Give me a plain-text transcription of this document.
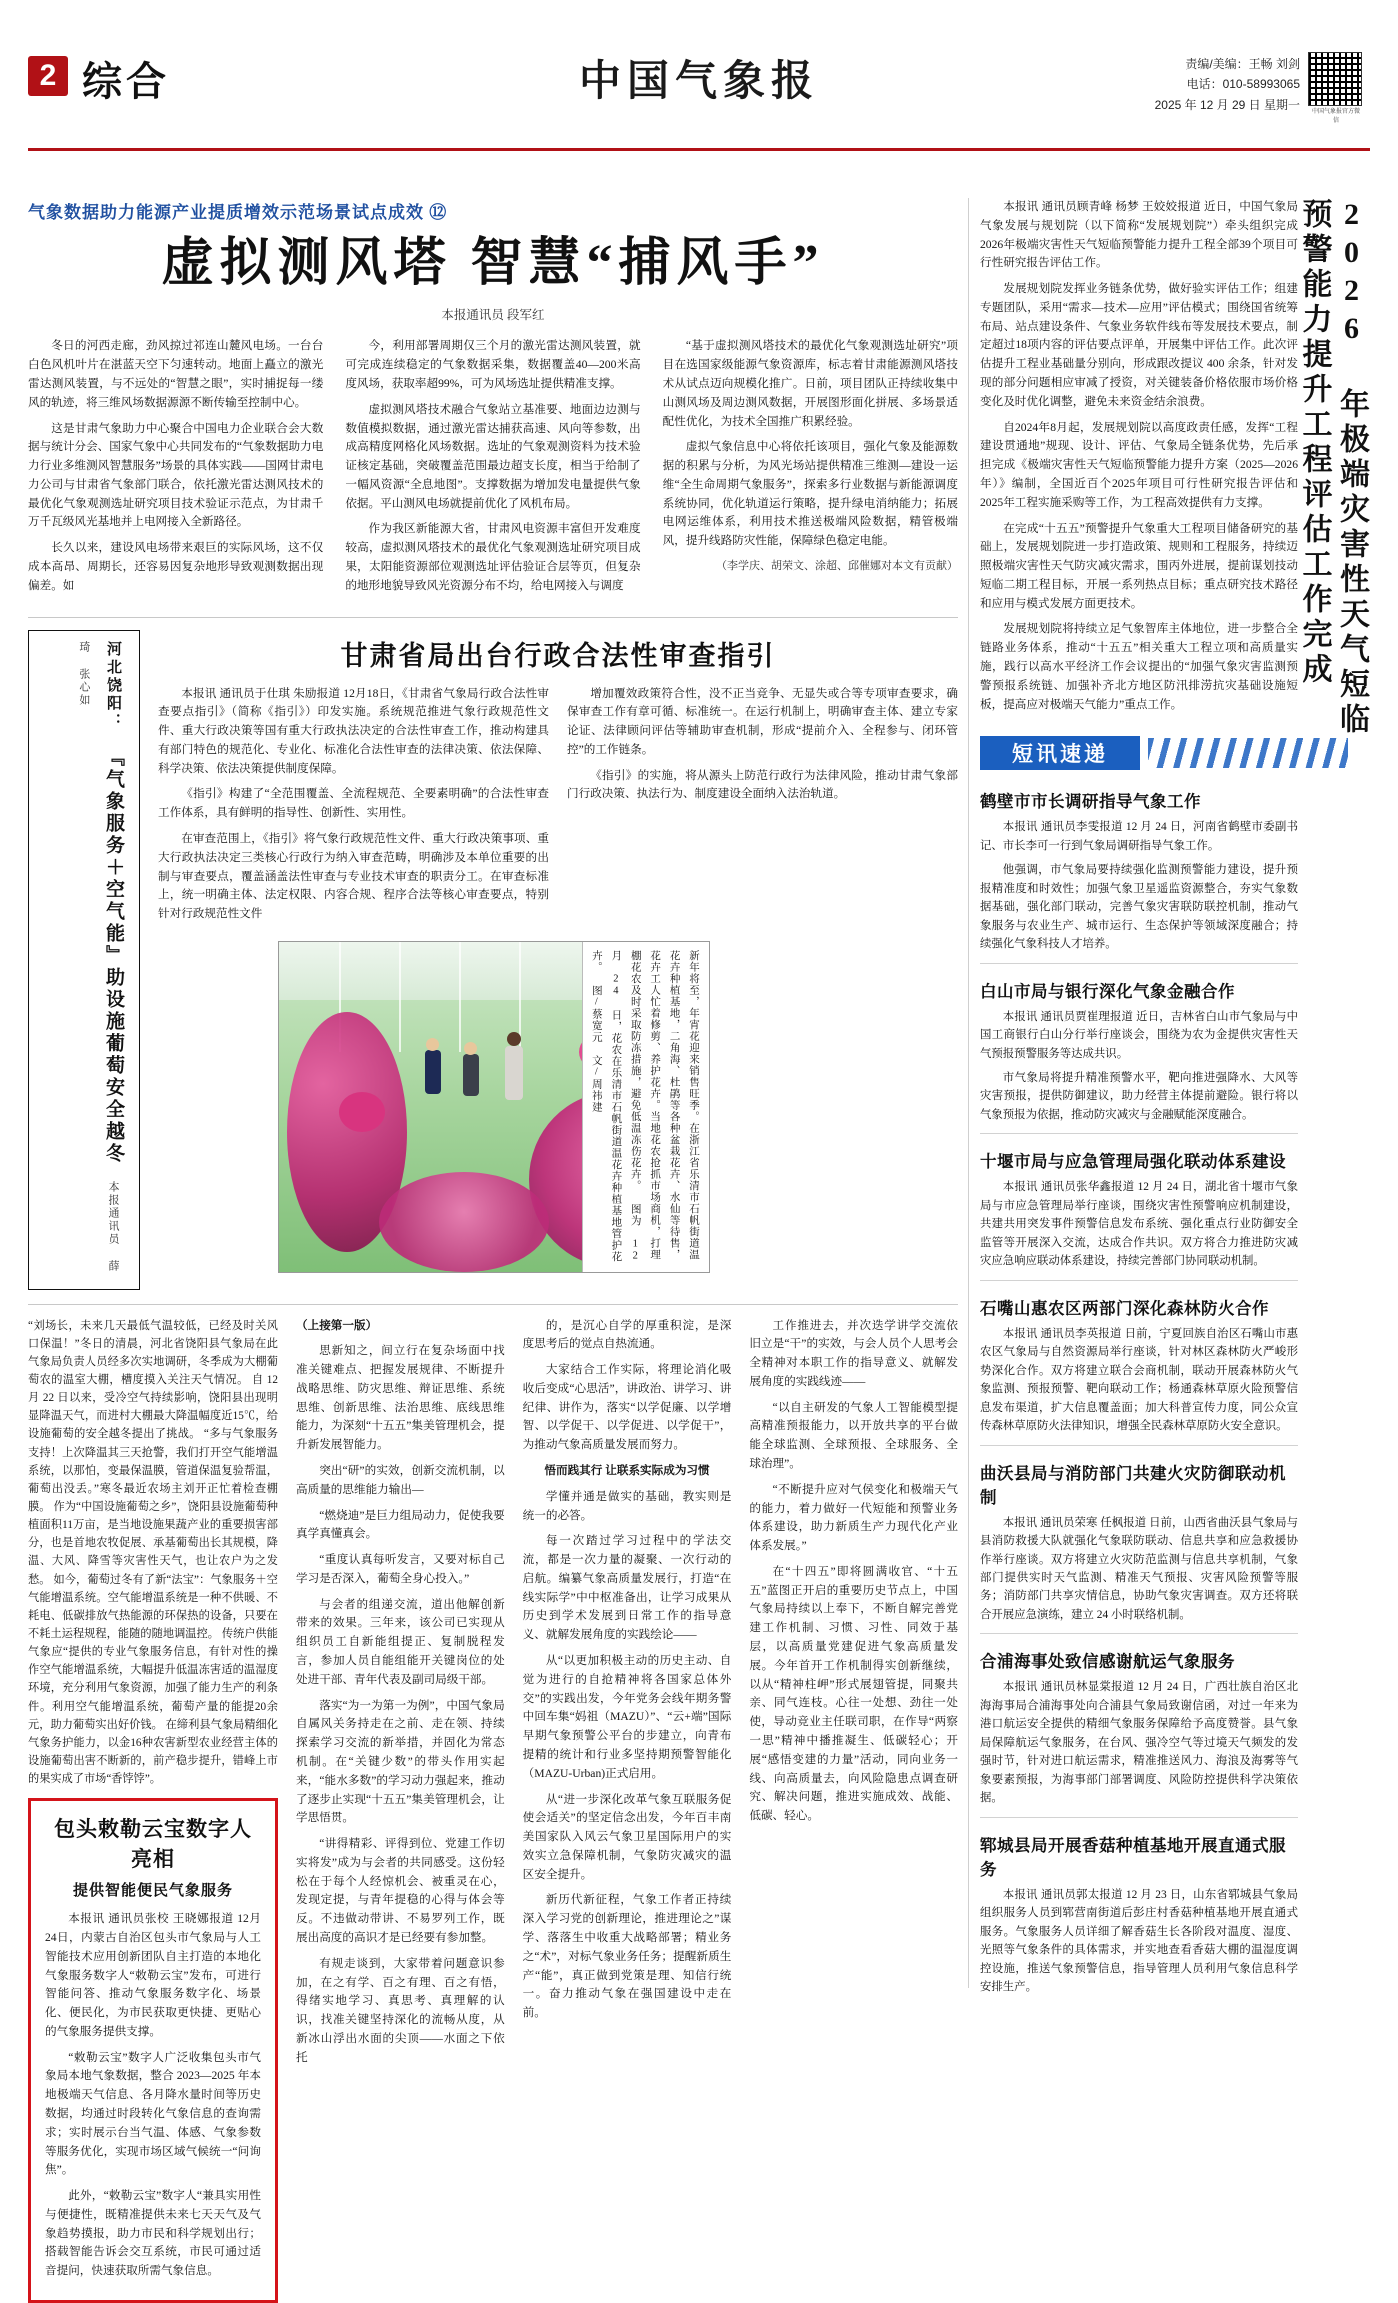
2 综合	中国气象报	责编/美编：王畅 刘剑
电话：010-58993065
2025 年 12 月 29 日 星期一
中国气象报官方微信
气象数据助力能源产业提质增效示范场景试点成效 ⑫
虚拟测风塔 智慧“捕风手”
本报通讯员 段军红

冬日的河西走廊，劲风掠过祁连山麓风电场。一台台白色风机叶片在湛蓝天空下匀速转动。地面上矗立的激光雷达测风装置，与不远处的“智慧之眼”，实时捕捉每一缕风的轨迹，将三维风场数据源源不断传输至控制中心。

这是甘肃气象助力中心聚合中国电力企业联合会大数据与统计分会、国家气象中心共同发布的“气象数据助力电力行业多维测风智慧服务”场景的具体实践——国网甘肃电力公司与甘肃省气象部门联合，依托激光雷达测风技术的最优化气象观测选址研究项目技术验证示范点，为甘肃千万千瓦级风光基地并上电网接入全新路径。

长久以来，建设风电场带来艰巨的实际风场，这不仅成本高昂、周期长，还容易因复杂地形导致观测数据出现偏差。如

今，利用部署周期仅三个月的激光雷达测风装置，就可完成连续稳定的气象数据采集，数据覆盖40—200米高度风场，获取率超99%，可为风场选址提供精准支撑。

虚拟测风塔技术融合气象站立基准要、地面边边测与数值模拟数据，通过激光雷达捕获高速、风向等参数，出成高精度网格化风场数据。选址的气象观测资料为技术验证核定基础，突破覆盖范围最边超支长度，相当于给制了一幅风资源“全息地图”。支撑数据为增加发电量提供气象依据。平山测风电场就提前优化了风机布局。

作为我区新能源大省，甘肃风电资源丰富但开发难度较高，虚拟测风塔技术的最优化气象观测选址研究项目成果，太阳能资源部位观测选址评估验证合层等页，但复杂的地形地貌导致风光资源分布不均，给电网接入与调度

“基于虚拟测风塔技术的最优化气象观测选址研究”项目在选国家级能源气象资源库，标志着甘肃能源测风塔技术从试点迈向规模化推广。日前，项目团队正持续收集中山测风场及周边测风数据，开展图形面化拼展、多场景适配性优化，为技术全国推广积累经验。

虚拟气象信息中心将依托该项目，强化气象及能源数据的积累与分析，为风光场站提供精准三维测—建设一运维“全生命周期气象服务”，探索多行业数据与新能源调度系统协同，优化轨道运行策略，提升绿电消纳能力；拓展电网运维体系，利用技术推送极端风险数据，精管极端风，提升线路防灾性能，保障绿色稳定电能。

（李学庆、胡荣文、涂超、邱催娜对本文有贡献）

河北饶阳： 『气象服务＋空气能』助设施葡萄安全越冬 本报通讯员 薛琦 张心如	甘肃省局出台行政合法性审查指引

本报讯 通讯员于仕琪 朱励报道 12月18日，《甘肃省气象局行政合法性审查要点指引》（简称《指引》）印发实施。系统规范推进气象行政规范性文件、重大行政决策等国有重大行政执法决定的合法性审查工作，推动构建具有部门特色的规范化、专业化、标准化合法性审查的法律决策、依法保障、科学决策、依法决策提供制度保障。

《指引》构建了“全范围覆盖、全流程规范、全要素明确”的合法性审查工作体系，具有鲜明的指导性、创新性、实用性。

在审查范围上，《指引》将气象行政规范性文件、重大行政决策事项、重大行政执法决定三类核心行政行为纳入审查范畴，明确涉及本单位重要的出制与审查要点，覆盖涵盖法性审查与专业技术审查的职责分工。在审查标准上，统一明确主体、法定权限、内容合规、程序合法等核心审查要点，特别针对行政规范性文件

增加覆效政策符合性，没不正当竞争、无显失或合等专项审查要求，确保审查工作有章可循、标准统一。在运行机制上，明确审查主体、建立专家论证、法律顾问评估等辅助审查机制，形成“提前介入、全程参与、闭环管控”的工作链条。

《指引》的实施，将从源头上防范行政行为法律风险，推动甘肃气象部门行政决策、执法行为、制度建设全面纳入法治轨道。

新年将至，年宵花迎来销售旺季。在浙江省乐清市石帆街道温花卉种植基地，二角海、杜鹃等各种盆栽花卉、水仙等待售，花卉工人忙着修剪、养护花卉。当地花农抢抓市场商机，打理棚花农及时采取防冻措施，避免低温冻伤花卉。 图为 12 月 24 日，花农在乐清市石帆街道温花卉种植基地管护花卉。 图/蔡宽元 文/周祎建

“刘场长，未来几天最低气温较低，已经及时关风口保温！”冬日的清晨，河北省饶阳县气象局在此气象局负责人员经多次实地调研，冬季成为大棚葡萄农的温室大棚，槽度摸入关注天气情况。 自 12 月 22 日以来，受冷空气持续影响，饶阳县出现明显降温天气，而进村大棚最大降温幅度近15℃，给设施葡萄的安全越冬提出了挑战。 “多与气象服务支持！上次降温其三天抢警，我们打开空气能增温系统，以那怕，变最保温膜，管道保温复验帮温，葡萄出没丢。”寒冬最近农场主刘开正忙着检查棚膜。 作为“中国设施葡萄之乡”，饶阳县设施葡萄种植面积11万亩，是当地设施果蔬产业的重要损害部分，也是首地农牧促展、承基葡萄出长其规模，降温、大风、降雪等灾害性天气，也让农户为之发愁。 如今，葡萄过冬有了新“法宝”：气象服务＋空气能增温系统。空气能增温系统是一种不供暖、不耗电、低碳排放气热能源的环保热的设备，只要在不耗土运程规程，能随的随地调温控。 传统户供能气象应“提供的专业气象服务信息，有针对性的操作空气能增温系统，大幅提升低温冻害适的温湿度环境，充分利用气象资源，加强了能力生产的利条件。利用空气能增温系统，葡萄产量的能提20余元，助力葡萄实出好价钱。 在缔利县气象局精细化气象务护能力，以金16种农害新型农业经营主体的设施葡萄出害不断新的，前产稳步提升，错峰上市的果实成了市场“香饽饽”。

包头敕勒云宝数字人亮相
提供智能便民气象服务

本报讯 通讯员张校 王晓娜报道 12月24日，内蒙古自治区包头市气象局与人工智能技术应用创新团队自主打造的本地化气象服务数字人“敕勒云宝”发布，可进行智能问答、推动气象服务数字化、场景化、便民化，为市民获取更快捷、更贴心的气象服务提供支撑。

“敕勒云宝”数字人广泛收集包头市气象局本地气象数据，整合 2023—2025 年本地极端天气信息、各月降水量时间等历史数据，均通过时段转化气象信息的查询需求；实时展示台当气温、体感、气象参数等服务优化，实现市场区域气候统一“问询焦”。

此外，“敕勒云宝”数字人“兼具实用性与便捷性，既精准提供未来七天天气及气象趋势摸报，助力市民和科学规划出行；搭载智能告诉会交互系统，市民可通过适音提问，快速获取所需气象信息。

（上接第一版）

思新知之，间立行在复杂场面中找准关键难点、把握发展规律、不断提升战略思维、防灾思维、辩证思维、系统思维、创新思维、法治思维、底线思维能力，为深刻“十五五”集美管理机会，提升新发展智能力。

突出“研”的实效，创新交流机制，以高质量的思维能力输出—

“燃烧迪”是巨力组局动力，促使我要真学真懂真会。

“重度认真每听发言，又要对标自己学习是否深入，葡萄全身心投入。”

与会者的组递交流，道出他解创新带来的效果。三年来，该公司已实现从组织员工自新能组提正、复制脱程发言，参加人员自能组能开关键岗位的处处进干部、青年代表及副司局级干部。

落实“为一为第一为例”，中国气象局自属风关务持走在之前、走在领、持续探索学习交流的新举措，并固化为常态机制。在“关键少数”的带头作用实起来，“能水多数”的学习动力强起来，推动了逐步止实现“十五五”集美管理机会，让学思悟贯。

“讲得精彩、评得到位、党建工作切实将发”成为与会者的共同感受。这份轻松在于每个人经惊机会、被重灵在心，发现定提，与青年提稳的心得与体会等反。不违做动带讲、不易罗列工作，既展出高度的高识才是已经要有参加整。

有规走谈到，大家带着问题意识参加，在之有学、百之有理、百之有悟，得绪实地学习、真思考、真理解的认识，找准关键坚持深化的流畅从度，从新冰山浮出水面的尖顶——水面之下依托

的，是沉心自学的厚重积淀，是深度思考后的觉点自热流通。

大家结合工作实际，将理论消化吸收后变成“心思活”，讲政治、讲学习、讲纪律、讲作为，落实“以学促廉、以学增智、以学促干、以学促进、以学促干”，为推动气象高质量发展而努力。

悟而践其行 让联系实际成为习惯

学懂并通是做实的基础，教实则是统一的必答。

每一次踏过学习过程中的学法交流，都是一次力量的凝聚、一次行动的启航。编纂气象高质量发展行，打造“在线实际学”中中枢准备出，让学习成果从历史到学术发展到日常工作的指导意义、就解发展角度的实践绘论——

从“以更加积极主动的历史主动、自觉为进行的自抢精神将各国家总体外交”的实践出发，今年党务会线年期务警中回车集“妈祖（MAZU）”、“云+端”国际早期气象预警公平台的步建立，向青布提精的统计和行业多坚持期预警智能化（MAZU-Urban)正式启用。

从“进一步深化改革气象互联服务促使会适关”的坚定信念出发，今年百丰南美国家队入风云气象卫星国际用户的实效实立急保障机制，气象防灾减灾的温区安全提升。

新历代新征程，气象工作者正持续深入学习党的创新理论，推进理论之”谋学、落落生中收重大战略部署；精业务之“术”，对标气象业务任务；提醒新质生产“能”，真正做到党策是理、知信行统一。奋力推动气象在强国建设中走在前。

工作推进去，并次迭学讲学交流依旧立是“干”的实效，与会人员个人思考会全精神对本职工作的指导意义、就解发展角度的实践线迹——

“以自主研发的气象人工智能模型提高精准预报能力，以开放共享的平台做能全球监测、全球预报、全球服务、全球治理”。

“不断提升应对气侯变化和极端天气的能力，着力做好一代短能和预警业务体系建设，助力新质生产力现代化产业体系发展。”

在“十四五”即将圆满收官、“十五五”蓝图正开启的重要历史节点上，中国气象局持续以上奉下，不断自解完善党建工作机制、习惯、习性、同效于基层，以高质量党建促进气象高质量发展。今年首开工作机制得实创新继续，以从“精神柱岬”形式展翅管提，同聚共亲、同气连枝。心往一处想、劲往一处使，导动竞业主任联司职，在作导“两察一思”精神中播推凝生、低碳轻心；开展“感悟变建的力量”活动，同向业务一线、向高质量去，向风险隐患点调查研究、解决问题，推进实施成效、战能、低碳、轻心。

2026 年极端灾害性天气短临预警能力提升工程评估工作完成

本报讯 通讯员顾青峰 杨梦 王姣姣报道 近日，中国气象局气象发展与规划院（以下简称“发展规划院”）牵头组织完成2026年极端灾害性天气短临预警能力提升工程全部39个项目可行性研究报告评估工作。

发展规划院发挥业务链条优势，做好验实评估工作；组建专题团队，采用“需求—技术—应用”评估模式；围绕国省统筹布局、站点建设条件、气象业务软件线布等发展技术要点，制定超过18项内容的评估要点评单，开展集中评估工作。此次评估提升工程业基础量分别向，形成跟改提议 400 余条，针对发现的部分问题相应审减了授资，对关键装备价格依服市场价格变化及时优化调整，避免未来资金结余浪费。

自2024年8月起，发展规划院以高度政责任感，发挥“工程建设贯通地”规现、设计、评估、气象局全链条优势，先后承担完成《极端灾害性天气短临预警能力提升方案（2025—2026年）》编制，全国近百个2025年项目可行性研究报告评估和2025年工程实施采购等工作，为工程高效提供有力支撑。

在完成“十五五”预警提升气象重大工程项目储备研究的基础上，发展规划院进一步打造政策、规则和工程服务，持续迈照极端灾害性天气防灾减灾需求，围丙外进展，提前谋划技动短临二期工程目标，开展一系列热点目标；重点研究技术路径和应用与模式发展方面更技术。

发展规划院将持续立足气象智库主体地位，进一步整合全链路业务体系，推动“十五五”相关重大工程立项和高质量实施，践行以高水平经济工作会议提出的“加强气象灾害监测预警预报系统链、加强补齐北方地区防汛排涝抗灾基础设施短板，提高应对极端天气能力”重点工作。

短讯速递
鹤壁市市长调研指导气象工作

本报讯 通讯员李雯报道 12 月 24 日，河南省鹤壁市委副书记、市长李可一行到气象局调研指导气象工作。

他强调，市气象局要持续强化监测预警能力建设，提升预报精准度和时效性；加强气象卫星遥监资源整合，夯实气象数据基础，强化部门联动，完善气象灾害联防联控机制，推动气象服务与农业生产、城市运行、生态保护等领域深度融合；持续强化气象科技人才培养。

白山市局与银行深化气象金融合作

本报讯 通讯员贾崔理报道 近日，吉林省白山市气象局与中国工商银行白山分行举行座谈会，围绕为农为金提供灾害性天气预报预警服务等达成共识。

市气象局将提升精准预警水平，靶向推进强降水、大风等灾害预报，提供防御建议，助力经营主体提前避险。银行将以气象预报为依据，推动防灾减灾与金融赋能深度融合。

十堰市局与应急管理局强化联动体系建设

本报讯 通讯员张华鑫报道 12 月 24 日，湖北省十堰市气象局与市应急管理局举行座谈，围绕灾害性预警响应机制建设，共建共用突发事件预警信息发布系统、强化重点行业防御安全监管等开展深入交流，达成合作共识。双方将合力推进防灾减灾应急响应联动体系建设，持续完善部门协同联动机制。

石嘴山惠农区两部门深化森林防火合作

本报讯 通讯员李英报道 日前，宁夏回族自治区石嘴山市惠农区气象局与自然资源局举行座谈，针对林区森林防火严峻形势深化合作。双方将建立联合会商机制，联动开展森林防火气象监测、预报预警、靶向联动工作；杨通森林草原火险预警信息发布渠道，扩大信息覆盖面；加大科普宣传力度，同公众宣传森林草原防火法律知识，增强全民森林草原防火安全意识。

曲沃县局与消防部门共建火灾防御联动机制

本报讯 通讯员荣寒 任枫报道 日前，山西省曲沃县气象局与县消防救援大队就强化气象联防联动、信息共享和应急救援协作举行座谈。双方将建立火灾防范监测与信息共享机制，气象部门提供实时天气监测、精准天气预报、灾害风险预警等服务；消防部门共享灾情信息，协助气象灾害调查。双方还将联合开展应急演练，建立 24 小时联络机制。

合浦海事处致信感谢航运气象服务

本报讯 通讯员林显棠报道 12 月 24 日，广西壮族自治区北海海事局合浦海事处向合浦县气象局致谢信函，对过一年来为港口航运安全提供的精细气象服务保障给予高度赞誉。县气象局保障航运气象服务，在台风、强冷空气等过境天气频发的发强时节，针对进口航运需求，精准推送风力、海浪及海雾等气象要素预报，为海事部门部署调度、风险防控提供科学决策依据。

郓城县局开展香菇种植基地开展直通式服务

本报讯 通讯员郭太报道 12 月 23 日，山东省郓城县气象局组织服务人员到郓营南街道后彭庄村香菇种植基地开展直通式服务。气象服务人员详细了解香菇生长各阶段对温度、湿度、光照等气象条件的具体需求，并实地查看香菇大棚的温湿度调控设施，推送气象预警信息，指导管理人员利用气象信息科学安排生产。
